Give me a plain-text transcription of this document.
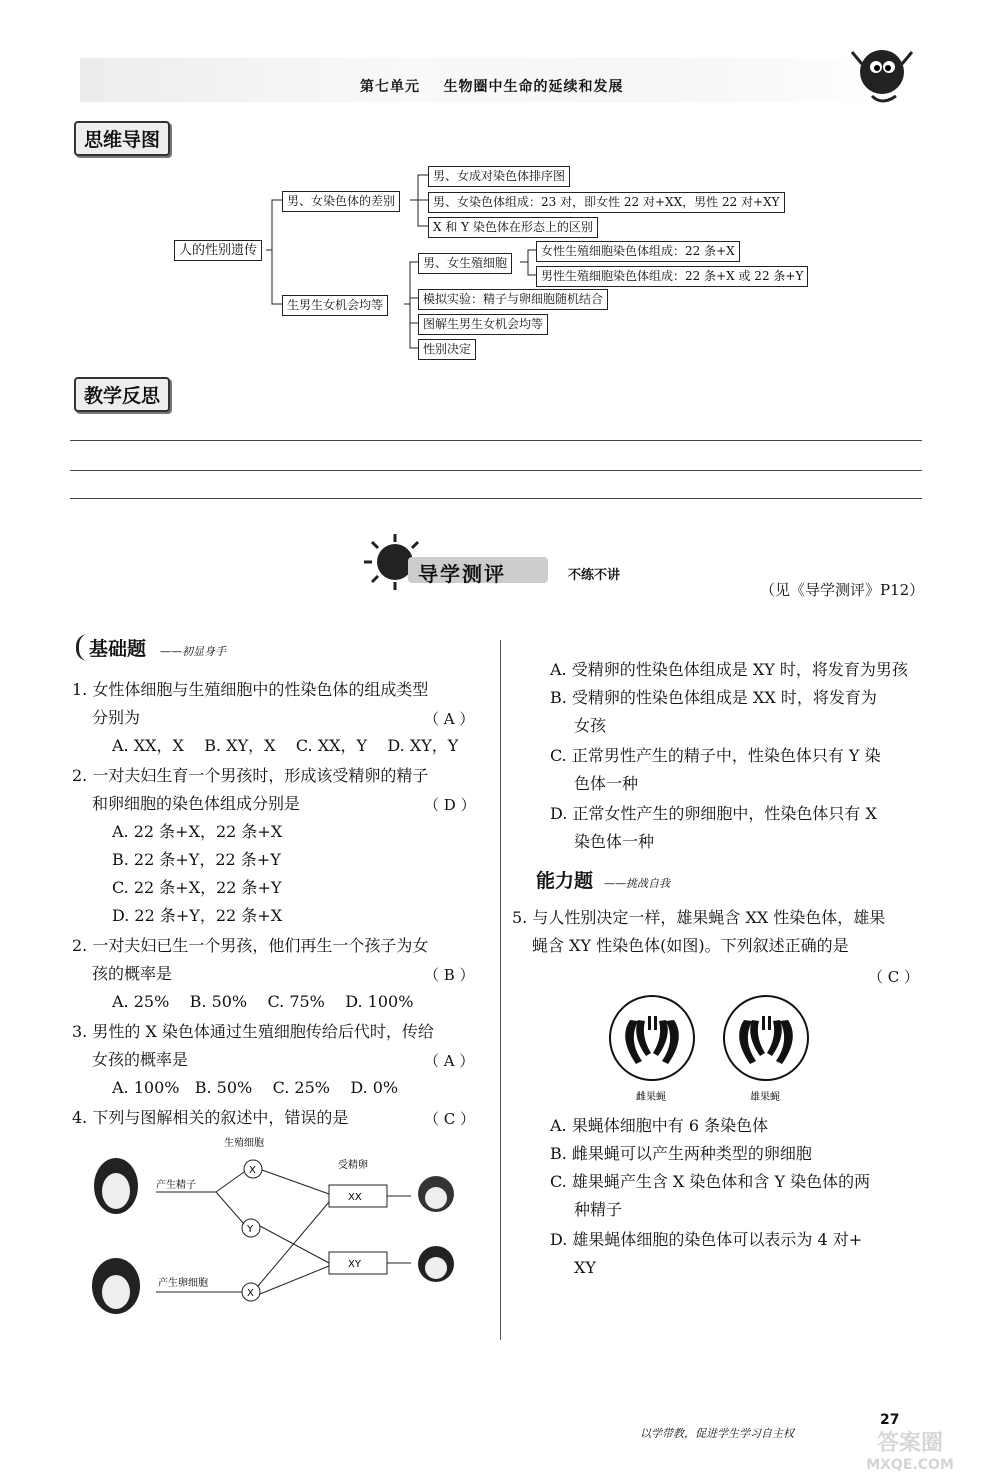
第七单元 生物圈中生命的延续和发展
思维导图
人的性别遗传
男、女染色体的差别
男、女成对染色体排序图
男、女染色体组成：23 对，即女性 22 对+XX，男性 22 对+XY
X 和 Y 染色体在形态上的区别
生男生女机会均等
男、女生殖细胞
女性生殖细胞染色体组成：22 条+X
男性生殖细胞染色体组成：22 条+X 或 22 条+Y
模拟实验：精子与卵细胞随机结合
图解生男生女机会均等
性别决定
教学反思
导学测评	不练不讲
（见《导学测评》P12）
基础题 ——初显身手
1. 女性体细胞与生殖细胞中的性染色体的组成类型
分别为	（ A ）
A. XX，X    B. XY，X    C. XX，Y    D. XY，Y
2. 一对夫妇生育一个男孩时，形成该受精卵的精子
和卵细胞的染色体组成分别是	（ D ）
A. 22 条+X，22 条+X
B. 22 条+Y，22 条+Y
C. 22 条+X，22 条+Y
D. 22 条+Y，22 条+X
2. 一对夫妇已生一个男孩，他们再生一个孩子为女
孩的概率是	（ B ）
A. 25%    B. 50%    C. 75%    D. 100%
3. 男性的 X 染色体通过生殖细胞传给后代时，传给
女孩的概率是	（ A ）
A. 100%   B. 50%    C. 25%    D. 0%
4. 下列与图解相关的叙述中，错误的是	（ C ）
生殖细胞
受精卵
产生精子
产生卵细胞
X
Y
X
XX
XY
A. 受精卵的性染色体组成是 XY 时，将发育为男孩
B. 受精卵的性染色体组成是 XX 时，将发育为
女孩
C. 正常男性产生的精子中，性染色体只有 Y 染
色体一种
D. 正常女性产生的卵细胞中，性染色体只有 X
染色体一种
能力题 ——挑战自我
5. 与人性别决定一样，雄果蝇含 XX 性染色体，雄果
蝇含 XY 性染色体(如图)。下列叙述正确的是
（ C ）
雌果蝇	雄果蝇
A. 果蝇体细胞中有 6 条染色体
B. 雌果蝇可以产生两种类型的卵细胞
C. 雄果蝇产生含 X 染色体和含 Y 染色体的两
种精子
D. 雄果蝇体细胞的染色体可以表示为 4 对+
XY
以学带教，促进学生学习自主权
27
答案圈
MXQE.COM
